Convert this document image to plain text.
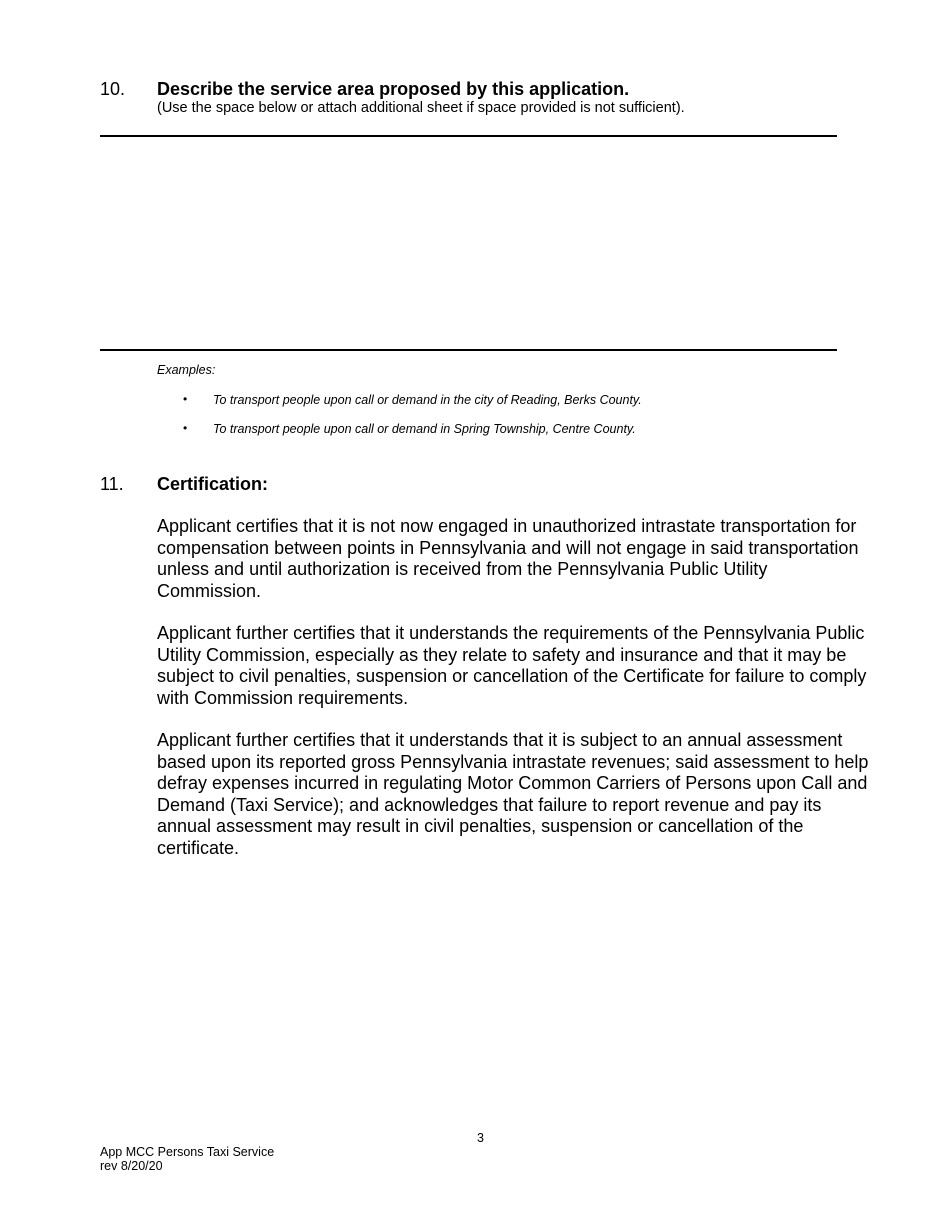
10. Describe the service area proposed by this application.
(Use the space below or attach additional sheet if space provided is not sufficient).
Examples:
• To transport people upon call or demand in the city of Reading, Berks County.
• To transport people upon call or demand in Spring Township, Centre County.
11. Certification:
Applicant certifies that it is not now engaged in unauthorized intrastate transportation for compensation between points in Pennsylvania and will not engage in said transportation unless and until authorization is received from the Pennsylvania Public Utility Commission.
Applicant further certifies that it understands the requirements of the Pennsylvania Public Utility Commission, especially as they relate to safety and insurance and that it may be subject to civil penalties, suspension or cancellation of the Certificate for failure to comply with Commission requirements.
Applicant further certifies that it understands that it is subject to an annual assessment based upon its reported gross Pennsylvania intrastate revenues; said assessment to help defray expenses incurred in regulating Motor Common Carriers of Persons upon Call and Demand (Taxi Service); and acknowledges that failure to report revenue and pay its annual assessment may result in civil penalties, suspension or cancellation of the certificate.
3
App MCC Persons Taxi Service
rev 8/20/20
